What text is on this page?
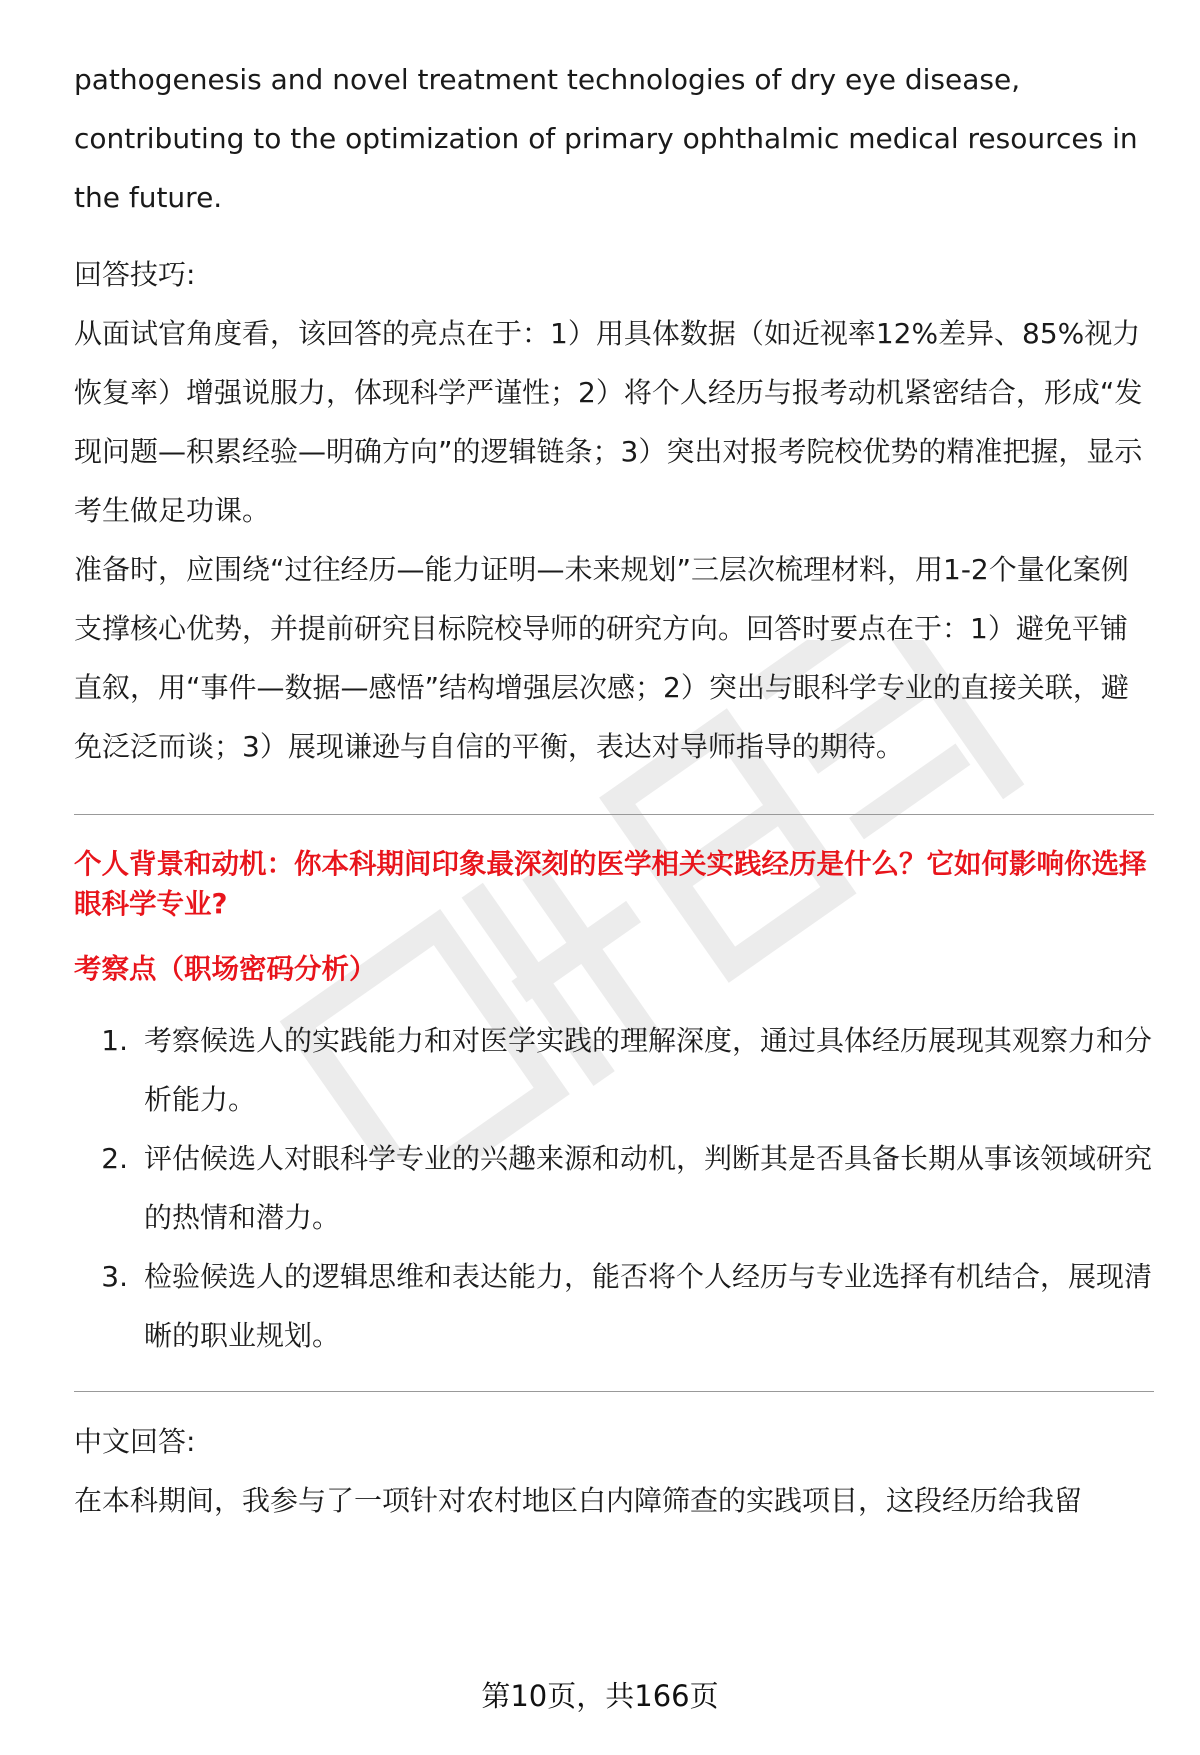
pathogenesis and novel treatment technologies of dry eye disease, contributing to the optimization of primary ophthalmic medical resources in the future.

回答技巧:

从面试官角度看，该回答的亮点在于：1）用具体数据（如近视率12%差异、85%视力恢复率）增强说服力，体现科学严谨性；2）将个人经历与报考动机紧密结合，形成“发现问题—积累经验—明确方向”的逻辑链条；3）突出对报考院校优势的精准把握，显示考生做足功课。

准备时，应围绕“过往经历—能力证明—未来规划”三层次梳理材料，用1-2个量化案例支撑核心优势，并提前研究目标院校导师的研究方向。回答时要点在于：1）避免平铺直叙，用“事件—数据—感悟”结构增强层次感；2）突出与眼科学专业的直接关联，避免泛泛而谈；3）展现谦逊与自信的平衡，表达对导师指导的期待。

个人背景和动机：你本科期间印象最深刻的医学相关实践经历是什么？它如何影响你选择眼科学专业?

考察点（职场密码分析）

1. 考察候选人的实践能力和对医学实践的理解深度，通过具体经历展现其观察力和分析能力。
2. 评估候选人对眼科学专业的兴趣来源和动机，判断其是否具备长期从事该领域研究的热情和潜力。
3. 检验候选人的逻辑思维和表达能力，能否将个人经历与专业选择有机结合，展现清晰的职业规划。

中文回答:

在本科期间，我参与了一项针对农村地区白内障筛查的实践项目，这段经历给我留

第10页，共166页
